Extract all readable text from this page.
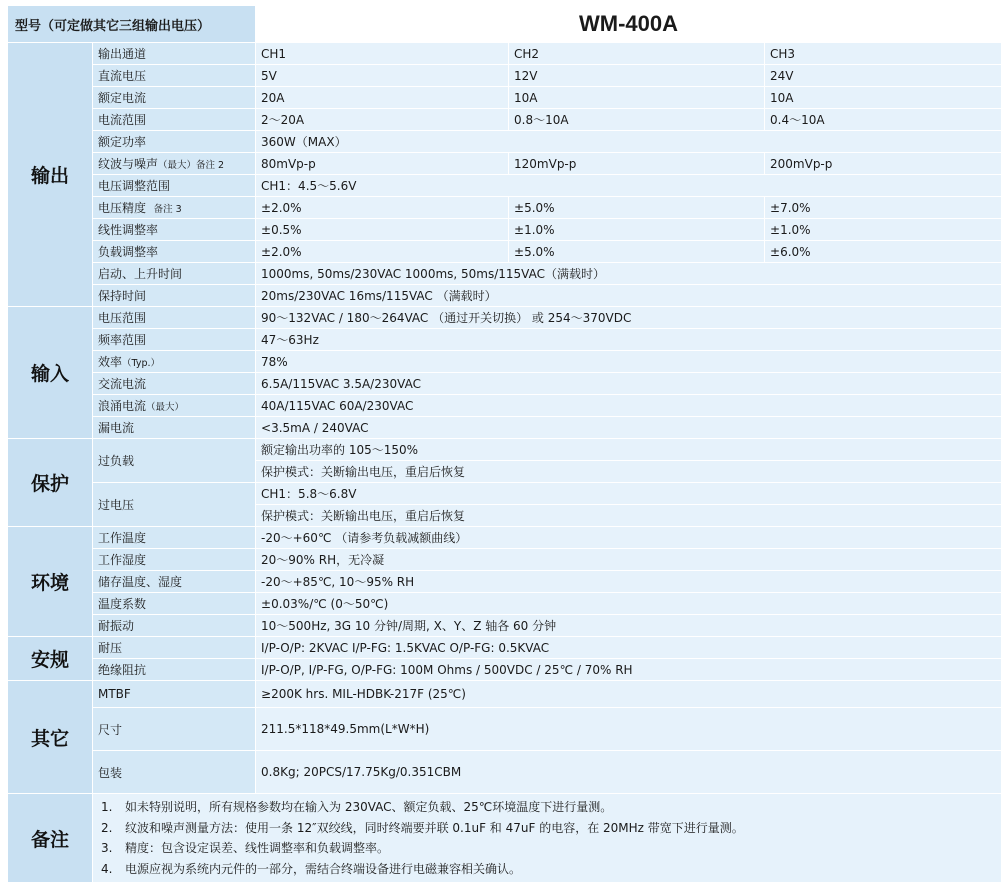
型号（可定做其它三组输出电压）		WM-400A		
输出	输出通道	CH1	CH2	CH3
	直流电压	5V	12V	24V
	额定电流	20A	10A	10A
	电流范围	2～20A	0.8～10A	0.4～10A
	额定功率	360W（MAX）		
	纹波与噪声（最大）备注 2	80mVp-p	120mVp-p	200mVp-p
	电压调整范围	CH1：4.5～5.6V		
	电压精度 备注 3	±2.0%	±5.0%	±7.0%
	线性调整率	±0.5%	±1.0%	±1.0%
	负载调整率	±2.0%	±5.0%	±6.0%
	启动、上升时间	1000ms, 50ms/230VAC 1000ms, 50ms/115VAC（满载时）		
	保持时间	20ms/230VAC 16ms/115VAC （满载时）		
输入	电压范围	90～132VAC / 180～264VAC （通过开关切换） 或 254～370VDC		
	频率范围	47～63Hz		
	效率（Typ.）	78%		
	交流电流	6.5A/115VAC 3.5A/230VAC		
	浪涌电流（最大）	40A/115VAC 60A/230VAC		
	漏电流	<3.5mA / 240VAC		
保护	过负载	额定输出功率的 105～150%		
		保护模式：关断输出电压，重启后恢复		
	过电压	CH1：5.8～6.8V		
		保护模式：关断输出电压，重启后恢复		
环境	工作温度	-20～+60℃ （请参考负载减额曲线）		
	工作湿度	20～90% RH，无冷凝		
	储存温度、湿度	-20～+85℃, 10～95% RH		
	温度系数	±0.03%/℃ (0～50℃)		
	耐振动	10～500Hz, 3G 10 分钟/周期, X、Y、Z 轴各 60 分钟		
安规	耐压	I/P-O/P: 2KVAC I/P-FG: 1.5KVAC O/P-FG: 0.5KVAC		
	绝缘阻抗	I/P-O/P, I/P-FG, O/P-FG: 100M Ohms / 500VDC / 25℃ / 70% RH		
其它	MTBF	≥200K hrs. MIL-HDBK-217F (25℃)		
	尺寸	211.5*118*49.5mm(L*W*H)		
	包装	0.8Kg; 20PCS/17.75Kg/0.351CBM		
备注	1. 如未特别说明，所有规格参数均在输入为 230VAC、额定负载、25℃环境温度下进行量测。
2. 纹波和噪声测量方法：使用一条 12″双绞线，同时终端要并联 0.1uF 和 47uF 的电容，在 20MHz 带宽下进行量测。
3. 精度：包含设定误差、线性调整率和负载调整率。
4. 电源应视为系统内元件的一部分，需结合终端设备进行电磁兼容相关确认。			
